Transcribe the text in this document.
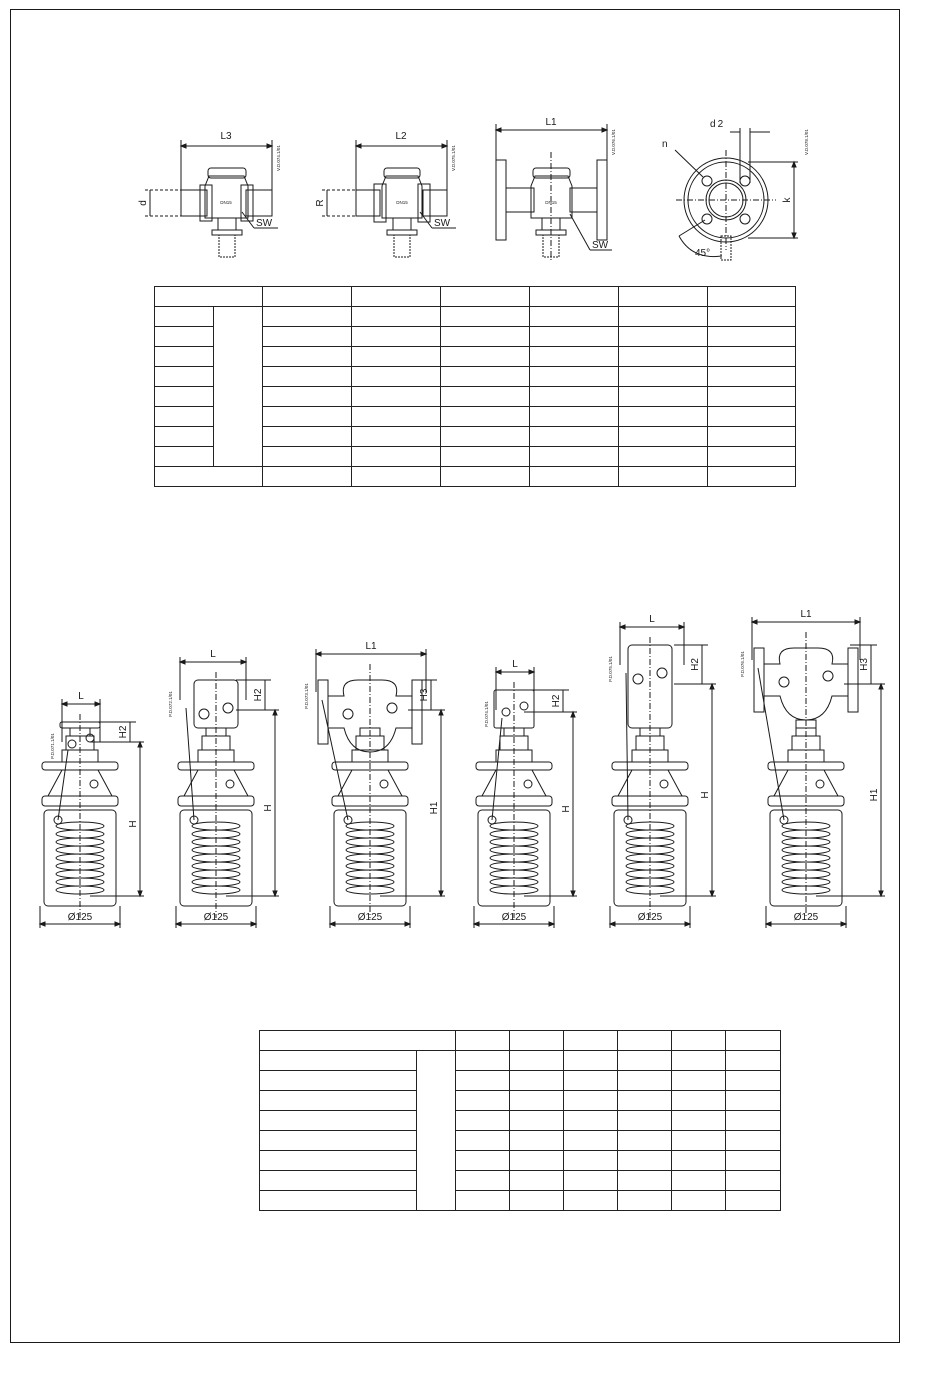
L3
DN15
d
SW
V.D.074.1/01
L2
DN15
R
SW
V.D.075.1/01
L1
DN15
SW
V.D.076.1/01
d 2
n
k
45°
V.D.078.1/01
L
H2
H
Ø125
P.D.071.1/01
L
H2
H
Ø125
P.D.072.1/01
L1
H3
H1
Ø125
P.D.073.1/01
L
H2
H
Ø125
P.D.074.1/01
L
H2
H
Ø125
P.D.075.1/01
L1
H3
H1
Ø125
P.D.076.1/01
